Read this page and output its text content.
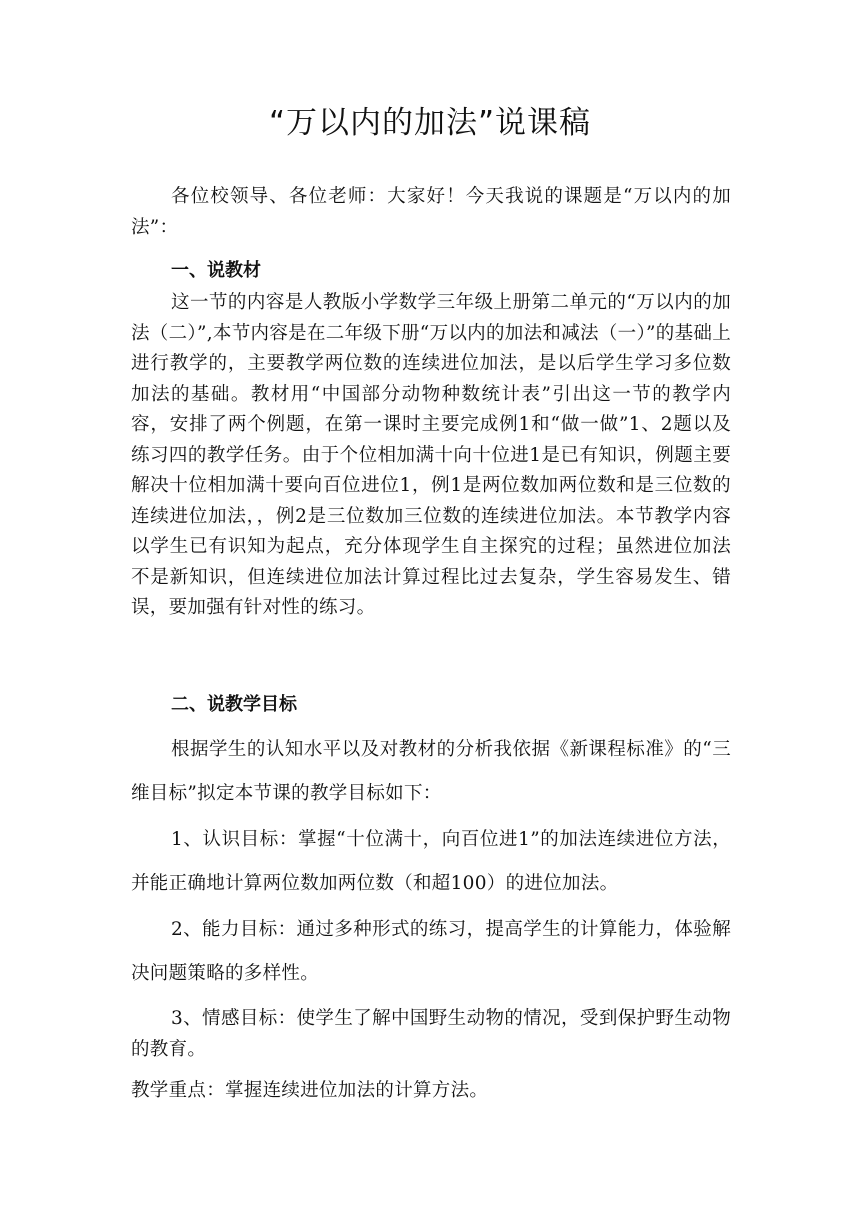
“万以内的加法”说课稿

各位校领导、各位老师：大家好！今天我说的课题是“万以内的加法”：

一、说教材

这一节的内容是人教版小学数学三年级上册第二单元的“万以内的加法（二）”,本节内容是在二年级下册“万以内的加法和减法（一）”的基础上进行教学的，主要教学两位数的连续进位加法，是以后学生学习多位数加法的基础。教材用“中国部分动物种数统计表”引出这一节的教学内容，安排了两个例题，在第一课时主要完成例1和“做一做”1、2题以及练习四的教学任务。由于个位相加满十向十位进1是已有知识，例题主要解决十位相加满十要向百位进位1，例1是两位数加两位数和是三位数的连续进位加法，，例2是三位数加三位数的连续进位加法。本节教学内容以学生已有识知为起点，充分体现学生自主探究的过程；虽然进位加法不是新知识，但连续进位加法计算过程比过去复杂，学生容易发生、错误，要加强有针对性的练习。

二、说教学目标

根据学生的认知水平以及对教材的分析我依据《新课程标准》的“三维目标”拟定本节课的教学目标如下：

1、认识目标：掌握“十位满十，向百位进1”的加法连续进位方法，并能正确地计算两位数加两位数（和超100）的进位加法。

2、能力目标：通过多种形式的练习，提高学生的计算能力，体验解决问题策略的多样性。

3、情感目标：使学生了解中国野生动物的情况，受到保护野生动物的教育。

教学重点：掌握连续进位加法的计算方法。
